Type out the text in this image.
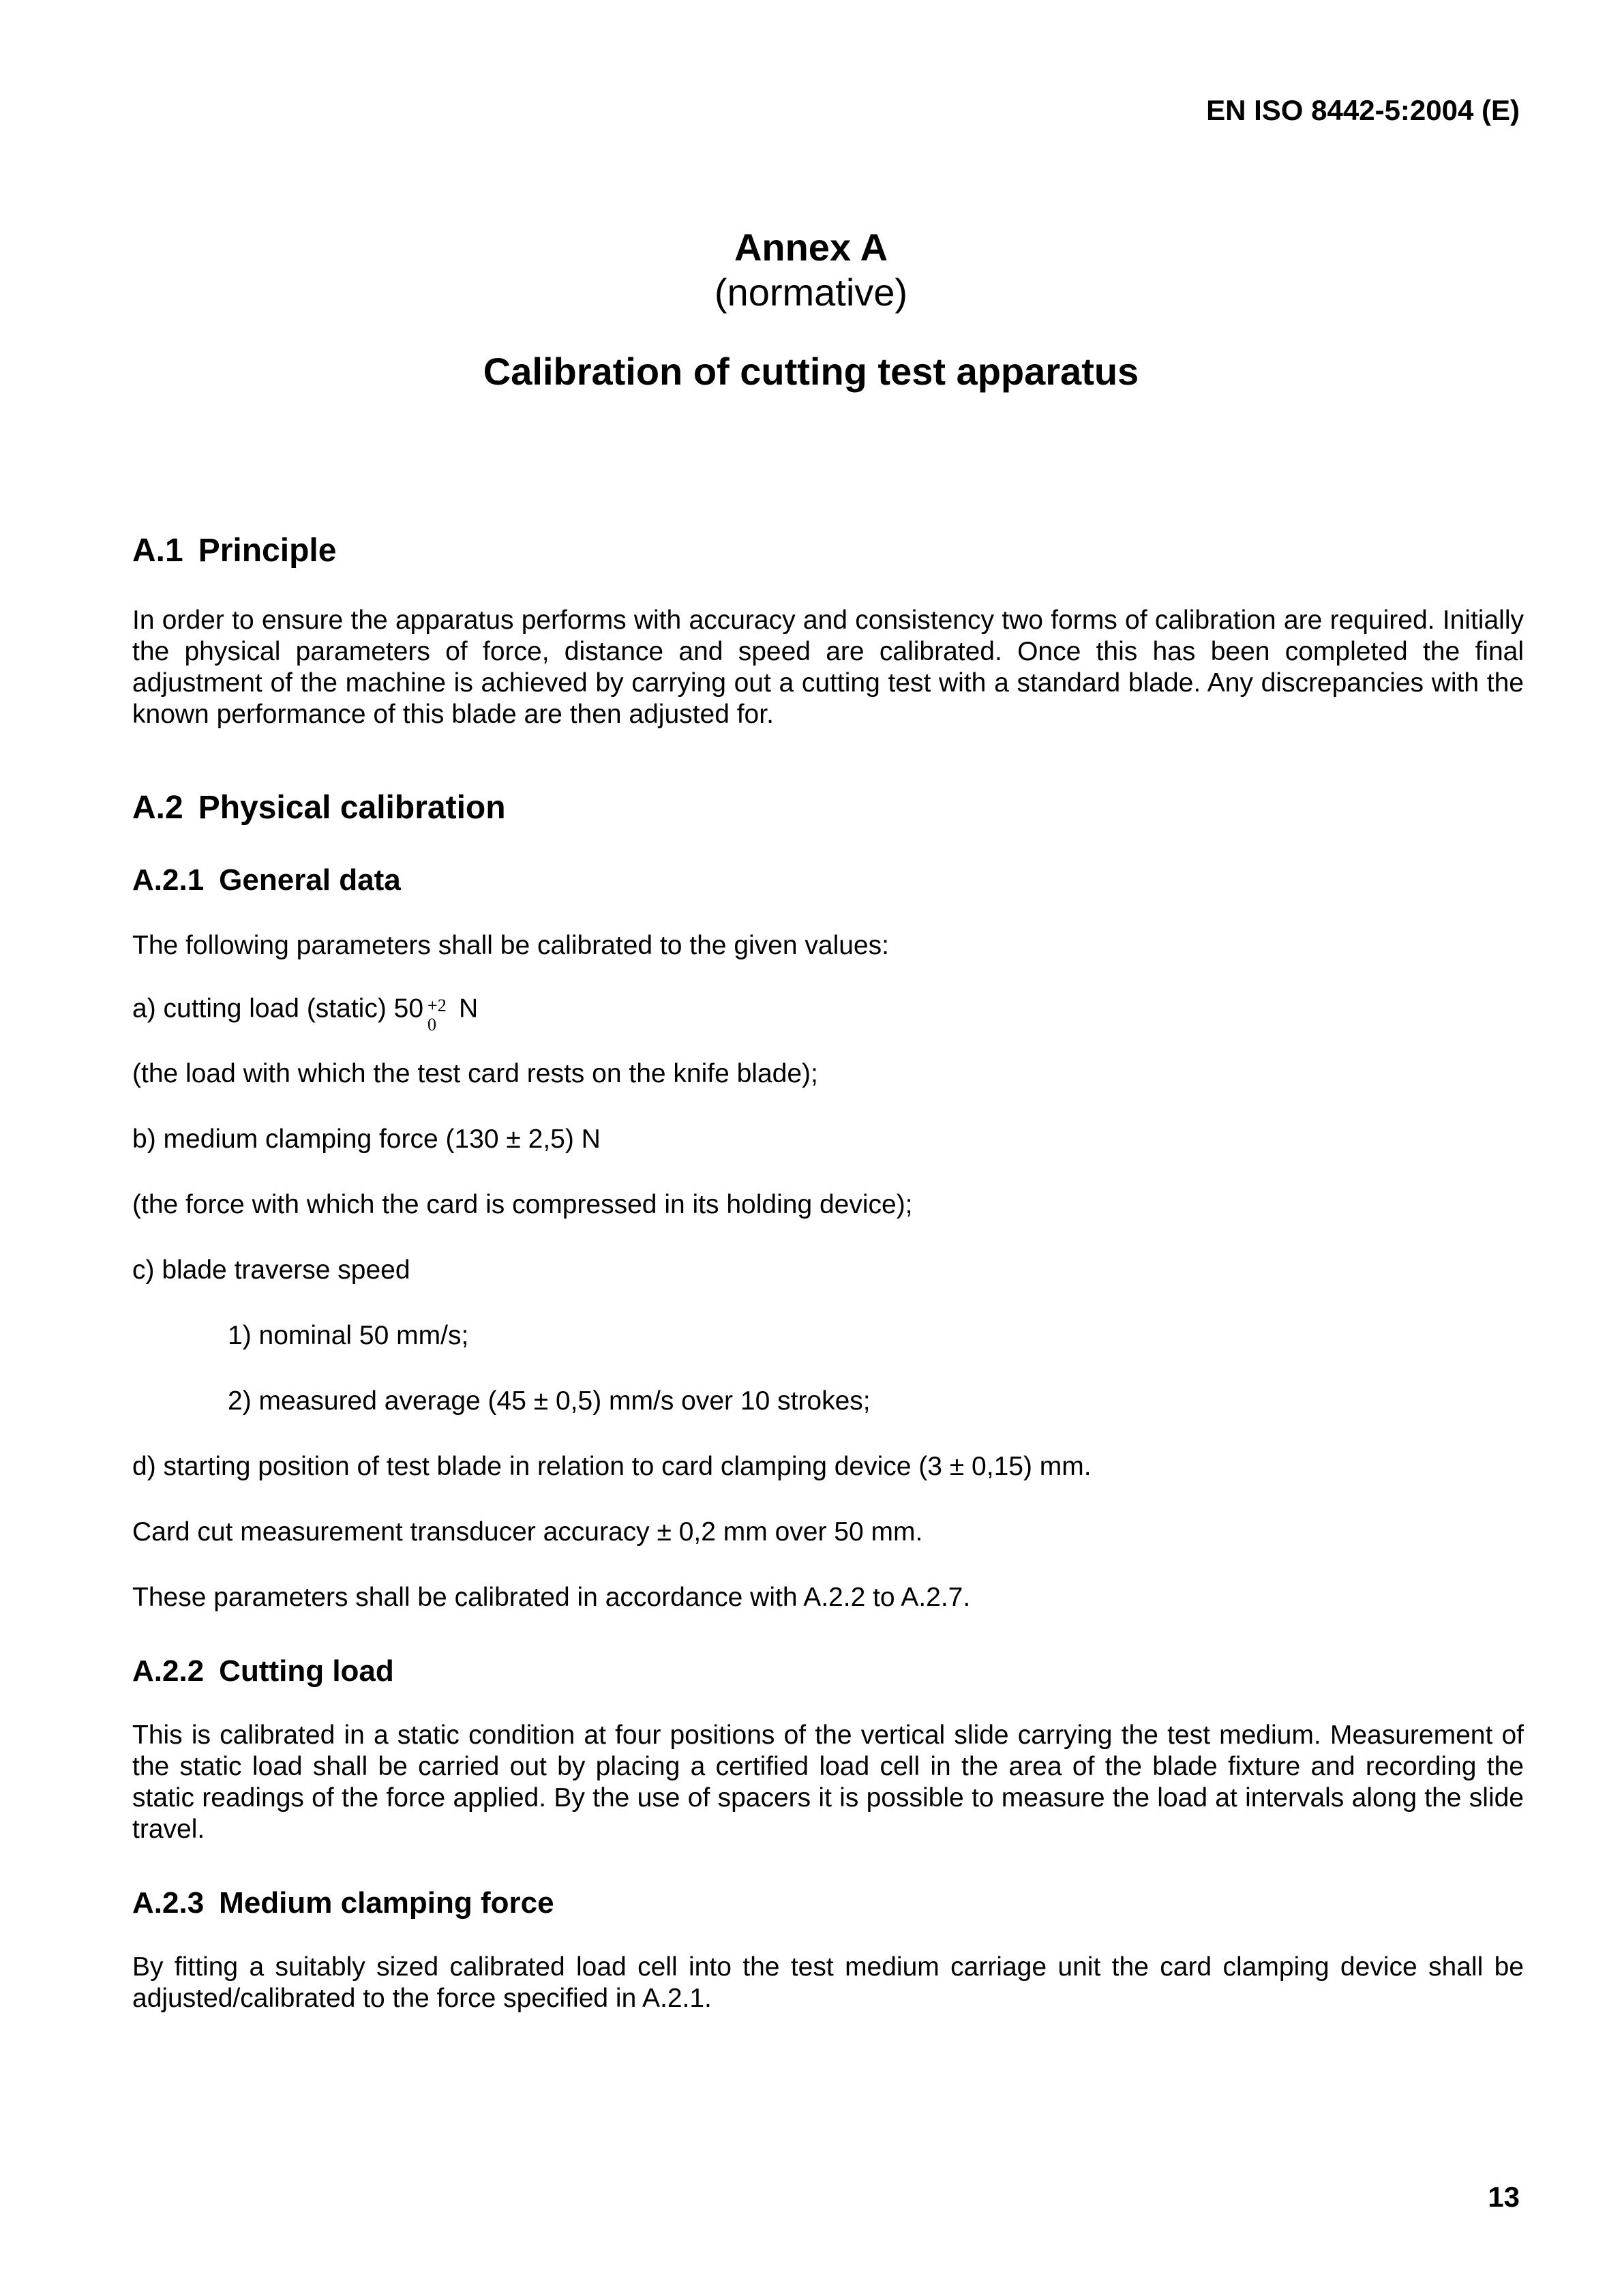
EN ISO 8442-5:2004 (E)
Annex A
(normative)
Calibration of cutting test apparatus
A.1 Principle

In order to ensure the apparatus performs with accuracy and consistency two forms of calibration are required. Initially the physical parameters of force, distance and speed are calibrated. Once this has been completed the final adjustment of the machine is achieved by carrying out a cutting test with a standard blade. Any discrepancies with the known performance of this blade are then adjusted for.

A.2 Physical calibration
A.2.1 General data

The following parameters shall be calibrated to the given values:

a) cutting load (static) 50 +2
0
N

(the load with which the test card rests on the knife blade);

b) medium clamping force (130 ± 2,5) N

(the force with which the card is compressed in its holding device);

c) blade traverse speed

1) nominal 50 mm/s;

2) measured average (45 ± 0,5) mm/s over 10 strokes;

d) starting position of test blade in relation to card clamping device (3 ± 0,15) mm.

Card cut measurement transducer accuracy ± 0,2 mm over 50 mm.

These parameters shall be calibrated in accordance with A.2.2 to A.2.7.

A.2.2 Cutting load

This is calibrated in a static condition at four positions of the vertical slide carrying the test medium. Measurement of the static load shall be carried out by placing a certified load cell in the area of the blade fixture and recording the static readings of the force applied. By the use of spacers it is possible to measure the load at intervals along the slide travel.

A.2.3 Medium clamping force

By fitting a suitably sized calibrated load cell into the test medium carriage unit the card clamping device shall be adjusted/calibrated to the force specified in A.2.1.

13
